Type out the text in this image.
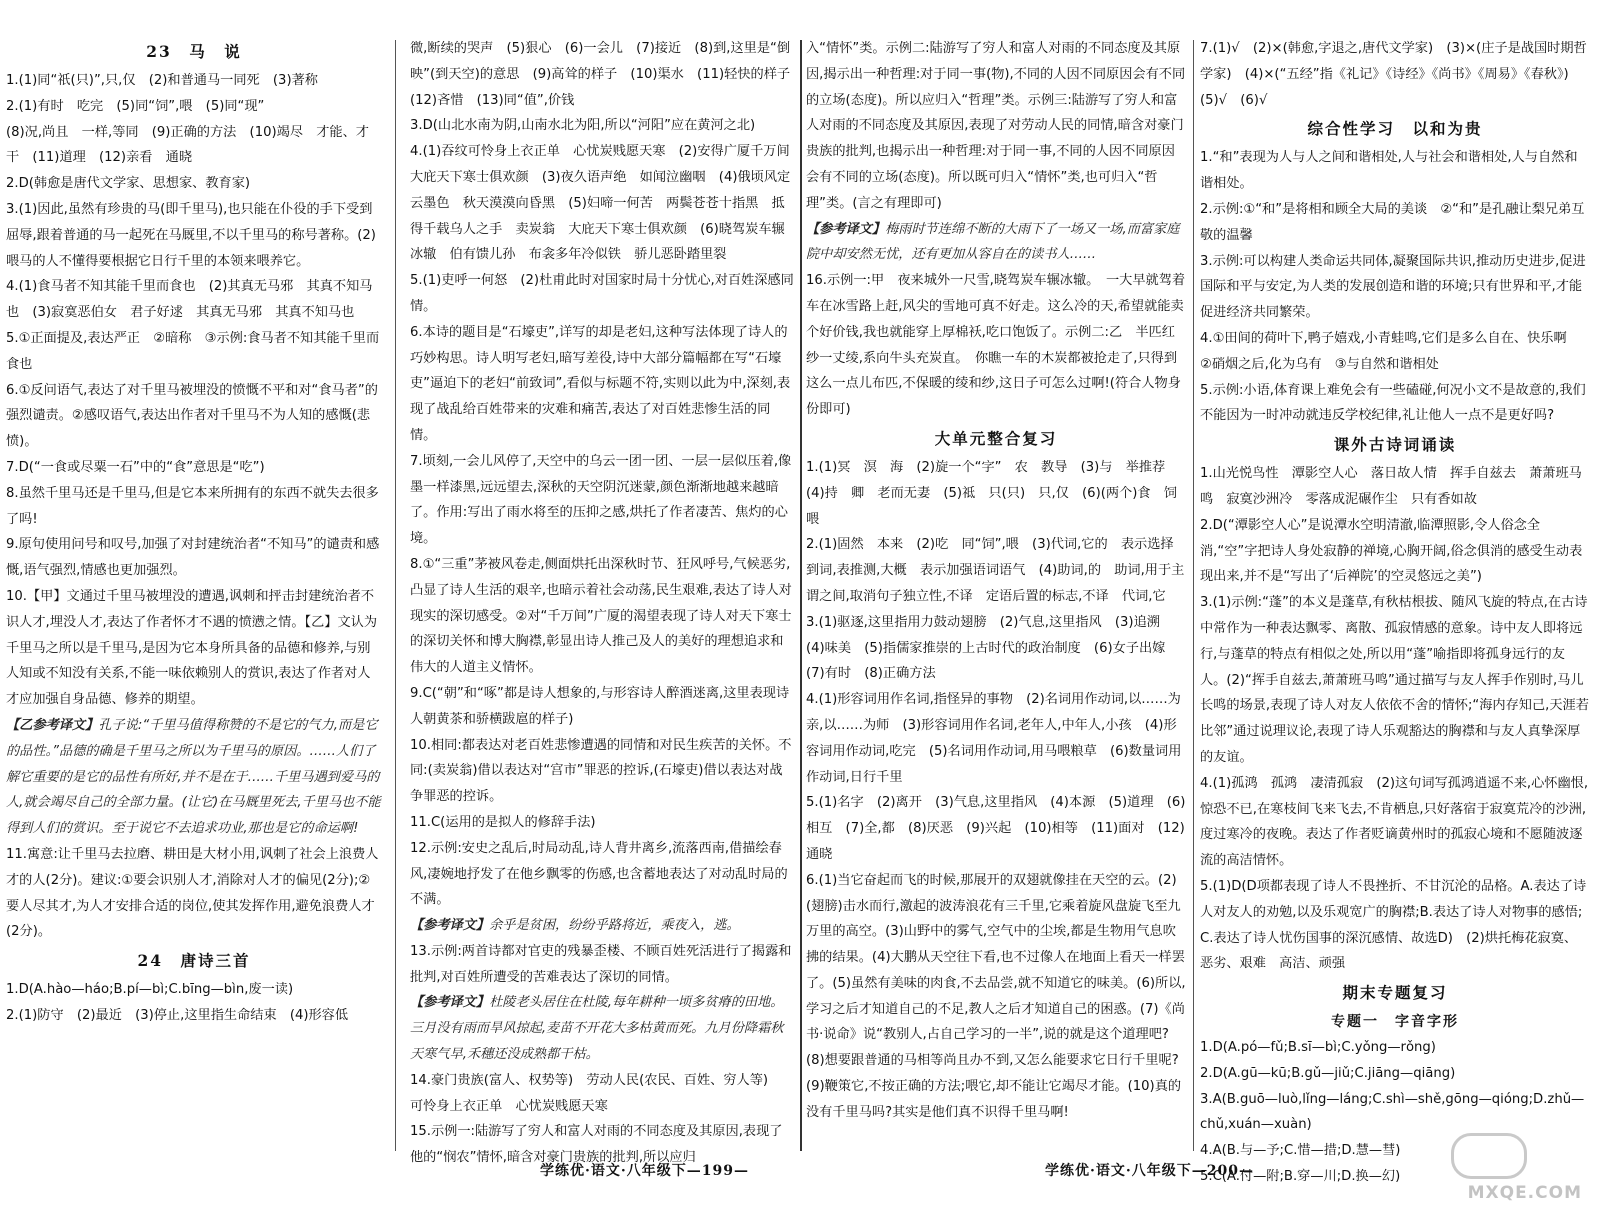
23　马　说

1.(1)同“祇(只)”,只,仅　(2)和普通马一同死　(3)著称

2.(1)有时　吃完　(5)同“饲”,喂　(5)同“现”

(8)况,尚且　一样,等同　(9)正确的方法　(10)竭尽　才能、才干　(11)道理　(12)亲看　通晓

2.D(韩愈是唐代文学家、思想家、教育家)

3.(1)因此,虽然有珍贵的马(即千里马),也只能在仆役的手下受到屈辱,跟着普通的马一起死在马厩里,不以千里马的称号著称。(2)喂马的人不懂得要根据它日行千里的本领来喂养它。

4.(1)食马者不知其能千里而食也　(2)其真无马邪　其真不知马也　(3)寂寞恶伯女　君子好逑　其真无马邪　其真不知马也

5.①正面提及,表达严正　②暗称　③示例:食马者不知其能千里而食也

6.①反问语气,表达了对千里马被埋没的愤慨不平和对“食马者”的强烈谴责。②感叹语气,表达出作者对千里马不为人知的感慨(悲愤)。

7.D(“一食或尽粟一石”中的“食”意思是“吃”)

8.虽然千里马还是千里马,但是它本来所拥有的东西不就失去很多了吗!

9.原句使用问号和叹号,加强了对封建统治者“不知马”的谴责和感慨,语气强烈,情感也更加强烈。

10.【甲】文通过千里马被埋没的遭遇,讽刺和抨击封建统治者不识人才,埋没人才,表达了作者怀才不遇的愤懑之情。【乙】文认为千里马之所以是千里马,是因为它本身所具备的品德和修养,与别人知或不知没有关系,不能一味依赖别人的赏识,表达了作者对人才应加强自身品德、修养的期望。

【乙参考译文】孔子说:“千里马值得称赞的不是它的气力,而是它的品性。”品德的确是千里马之所以为千里马的原因。……人们了解它重要的是它的品性有所好,并不是在于……千里马遇到爱马的人,就会竭尽自己的全部力量。(让它)在马厩里死去,千里马也不能得到人们的赏识。至于说它不去追求功业,那也是它的命运啊!

11.寓意:让千里马去拉磨、耕田是大材小用,讽刺了社会上浪费人才的人(2分)。建议:①要会识别人才,消除对人才的偏见(2分);②要人尽其才,为人才安排合适的岗位,使其发挥作用,避免浪费人才(2分)。

24　唐诗三首

1.D(A.hào—háo;B.pí—bì;C.bīng—bìn,废一读)

2.(1)防守　(2)最近　(3)停止,这里指生命结束　(4)形容低

微,断续的哭声　(5)狠心　(6)一会儿　(7)接近　(8)到,这里是“倒映”(到天空)的意思　(9)高耸的样子　(10)渠水　(11)轻快的样子　(12)吝惜　(13)同“值”,价钱

3.D(山北水南为阴,山南水北为阳,所以“河阳”应在黄河之北)

4.(1)吞纹可怜身上衣正单　心忧炭贱愿天寒　(2)安得广厦千万间　大庇天下寒士俱欢颜　(3)夜久语声绝　如闻泣幽咽　(4)俄顷风定云墨色　秋天漠漠向昏黑　(5)妇啼一何苦　两鬓苍苍十指黑　抵得千载乌人之手　卖炭翁　大庇天下寒士俱欢颜　(6)晓驾炭车辗冰辙　伯有馈儿孙　布衾多年冷似铁　骄儿恶卧踏里裂

5.(1)吏呼一何怒　(2)杜甫此时对国家时局十分忧心,对百姓深感同情。

6.本诗的题目是“石壕吏”,详写的却是老妇,这种写法体现了诗人的巧妙构思。诗人明写老妇,暗写差役,诗中大部分篇幅都在写“石壕吏”逼迫下的老妇“前致词”,看似与标题不符,实则以此为中,深刻,表现了战乱给百姓带来的灾难和痛苦,表达了对百姓悲惨生活的同情。

7.顷刻,一会儿风停了,天空中的乌云一团一团、一层一层似压着,像墨一样漆黑,远远望去,深秋的天空阴沉迷蒙,颜色渐渐地越来越暗了。作用:写出了雨水将至的压抑之感,烘托了作者凄苦、焦灼的心境。

8.①“三重”茅被风卷走,侧面烘托出深秋时节、狂风呼号,气候恶劣,凸显了诗人生活的艰辛,也暗示着社会动荡,民生艰难,表达了诗人对现实的深切感受。②对“千万间”广厦的渴望表现了诗人对天下寒士的深切关怀和博大胸襟,彰显出诗人推己及人的美好的理想追求和伟大的人道主义情怀。

9.C(“朝”和“啄”都是诗人想象的,与形容诗人醉酒迷离,这里表现诗人朝黄茶和骄横跋扈的样子)

10.相同:都表达对老百姓悲惨遭遇的同情和对民生疾苦的关怀。不同:(卖炭翁)借以表达对“宫市”罪恶的控诉,(石壕吏)借以表达对战争罪恶的控诉。

11.C(运用的是拟人的修辞手法)

12.示例:安史之乱后,时局动乱,诗人背井离乡,流落西南,借描绘春风,凄婉地抒发了在他乡飘零的伤感,也含蓄地表达了对动乱时局的不满。

【参考译文】余乎是贫困，纷纷乎路将近，乘夜入，逃。

13.示例:两首诗都对官吏的残暴歪楼、不顾百姓死活进行了揭露和批判,对百姓所遭受的苦难表达了深切的同情。

【参考译文】杜陵老头居住在杜陵,每年耕种一顷多贫瘠的田地。三月没有雨而旱风掠起,麦苗不开花大多枯黄而死。九月份降霜秋天寒气早,禾穗还没成熟都干枯。

14.豪门贵族(富人、权势等)　劳动人民(农民、百姓、穷人等)　可怜身上衣正单　心忧炭贱愿天寒

15.示例一:陆游写了穷人和富人对雨的不同态度及其原因,表现了他的“悯农”情怀,暗含对豪门贵族的批判,所以应归

入“情怀”类。示例二:陆游写了穷人和富人对雨的不同态度及其原因,揭示出一种哲理:对于同一事(物),不同的人因不同原因会有不同的立场(态度)。所以应归入“哲理”类。示例三:陆游写了穷人和富人对雨的不同态度及其原因,表现了对劳动人民的同情,暗含对豪门贵族的批判,也揭示出一种哲理:对于同一事,不同的人因不同原因会有不同的立场(态度)。所以既可归入“情怀”类,也可归入“哲理”类。(言之有理即可)

【参考译文】梅雨时节连绵不断的大雨下了一场又一场,而富家庭院中却安然无忧，还有更加从容自在的读书人……

16.示例一:甲　夜来城外一尺雪,晓驾炭车辗冰辙。　一大早就驾着车在冰雪路上赶,风尖的雪地可真不好走。这么冷的天,希望就能卖个好价钱,我也就能穿上厚棉袄,吃口饱饭了。示例二:乙　半匹红纱一丈绫,系向牛头充炭直。　你瞧一车的木炭都被抢走了,只得到这么一点儿布匹,不保暖的绫和纱,这日子可怎么过啊!(符合人物身份即可)

大单元整合复习

1.(1)冥　溟　海　(2)旋一个“字”　农　教导　(3)与　举推荐　(4)持　卿　老而无妻　(5)祗　只(只)　只,仅　(6)(两个)食　饲　喂

2.(1)固然　本来　(2)吃　同“饲”,喂　(3)代词,它的　表示选择　到词,表推测,大概　表示加强语词语气　(4)助词,的　助词,用于主谓之间,取消句子独立性,不译　定语后置的标志,不译　代词,它

3.(1)驱逐,这里指用力鼓动翅膀　(2)气息,这里指风　(3)追溯　(4)味美　(5)指儒家推崇的上古时代的政治制度　(6)女子出嫁　(7)有时　(8)正确方法

4.(1)形容词用作名词,指怪异的事物　(2)名词用作动词,以……为亲,以……为师　(3)形容词用作名词,老年人,中年人,小孩　(4)形容词用作动词,吃完　(5)名词用作动词,用马喂粮草　(6)数量词用作动词,日行千里

5.(1)名字　(2)离开　(3)气息,这里指风　(4)本源　(5)道理　(6)相互　(7)全,都　(8)厌恶　(9)兴起　(10)相等　(11)面对　(12)通晓

6.(1)当它奋起而飞的时候,那展开的双翅就像挂在天空的云。(2)(翅膀)击水而行,激起的波涛浪花有三千里,它乘着旋风盘旋飞至九万里的高空。(3)山野中的雾气,空气中的尘埃,都是生物用气息吹拂的结果。(4)大鹏从天空往下看,也不过像人在地面上看天一样罢了。(5)虽然有美味的肉食,不去品尝,就不知道它的味美。(6)所以,学习之后才知道自己的不足,教人之后才知道自己的困惑。(7)《尚书·说命》说“教别人,占自己学习的一半”,说的就是这个道理吧?(8)想要跟普通的马相等尚且办不到,又怎么能要求它日行千里呢?(9)鞭策它,不按正确的方法;喂它,却不能让它竭尽才能。(10)真的没有千里马吗?其实是他们真不识得千里马啊!

7.(1)√　(2)×(韩愈,字退之,唐代文学家)　(3)×(庄子是战国时期哲学家)　(4)×(“五经”指《礼记》《诗经》《尚书》《周易》《春秋》)　(5)√　(6)√

综合性学习　以和为贵

1.“和”表现为人与人之间和谐相处,人与社会和谐相处,人与自然和谐相处。

2.示例:①“和”是将相和顾全大局的美谈　②“和”是孔融让梨兄弟互敬的温馨

3.示例:可以构建人类命运共同体,凝聚国际共识,推动历史进步,促进国际和平与安定,为人类的发展创造和谐的环境;只有世界和平,才能促进经济共同繁荣。

4.①田间的荷叶下,鸭子嬉戏,小青蛙鸣,它们是多么自在、快乐啊　②硝烟之后,化为乌有　③与自然和谐相处

5.示例:小语,体育课上难免会有一些磕碰,何况小文不是故意的,我们不能因为一时冲动就违反学校纪律,礼让他人一点不是更好吗?

课外古诗词诵读

1.山光悦鸟性　潭影空人心　落日故人情　挥手自兹去　萧萧班马鸣　寂寞沙洲冷　零落成泥碾作尘　只有香如故

2.D(“潭影空人心”是说潭水空明清澈,临潭照影,令人俗念全消,“空”字把诗人身处寂静的禅境,心胸开阔,俗念俱消的感受生动表现出来,并不是“写出了‘后禅院’的空灵悠远之美”)

3.(1)示例:“蓬”的本义是蓬草,有秋枯根拔、随风飞旋的特点,在古诗中常作为一种表达飘零、离散、孤寂情感的意象。诗中友人即将远行,与蓬草的特点有相似之处,所以用“蓬”喻指即将孤身远行的友人。(2)“挥手自兹去,萧萧班马鸣”通过描写与友人挥手作别时,马儿长鸣的场景,表现了诗人对友人依依不舍的情怀;“海内存知己,天涯若比邻”通过说理议论,表现了诗人乐观豁达的胸襟和与友人真挚深厚的友谊。

4.(1)孤鸿　孤鸿　凄清孤寂　(2)这句词写孤鸿逍遥不来,心怀幽恨,惊恐不已,在寒枝间飞来飞去,不肯栖息,只好落宿于寂寞荒冷的沙洲,度过寒冷的夜晚。表达了作者贬谪黄州时的孤寂心境和不愿随波逐流的高洁情怀。

5.(1)D(D项都表现了诗人不畏挫折、不甘沉沦的品格。A.表达了诗人对友人的劝勉,以及乐观宽广的胸襟;B.表达了诗人对物事的感悟;C.表达了诗人忧伤国事的深沉感情、故选D)　(2)烘托梅花寂寞、恶劣、艰难　高洁、顽强

期末专题复习
专题一　字音字形

1.D(A.pó—fǔ;B.sī—bì;C.yǒng—rǒng)

2.D(A.gū—kū;B.gǔ—jiǔ;C.jiāng—qiāng)

3.A(B.guō—luò,lǐng—láng;C.shì—shě,gōng—qióng;D.zhǔ—chǔ,xuán—xuàn)

4.A(B.与—予;C.惜—措;D.慧—彗)

5.C(A.付—附;B.穿—川;D.换—幻)

学练优·语文·八年级下—199—	学练优·语文·八年级下—200—
MXQE.COM
